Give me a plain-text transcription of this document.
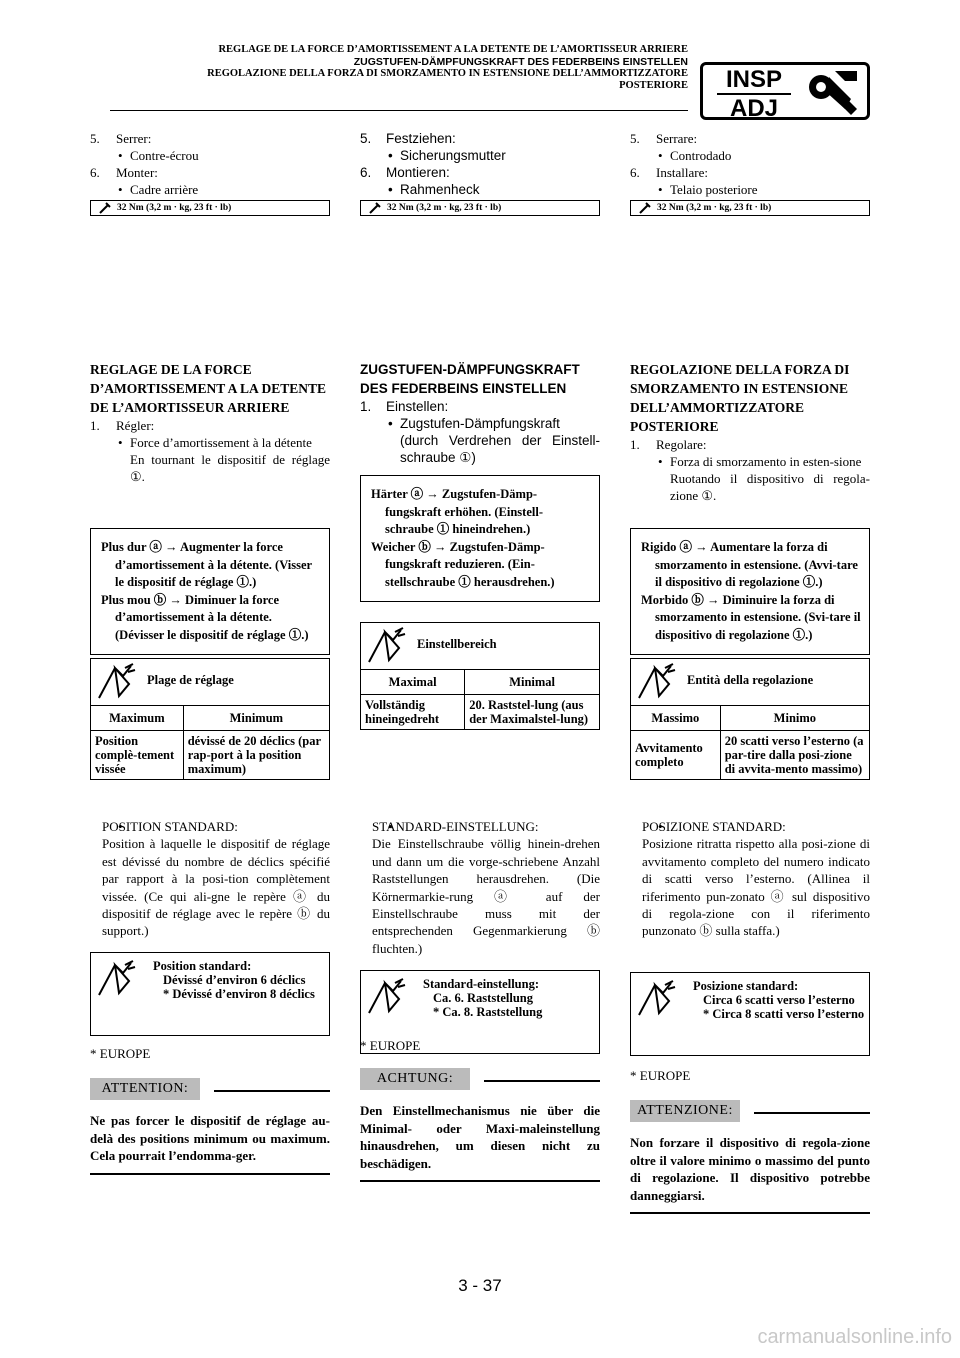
REGLAGE DE LA FORCE D’AMORTISSEMENT A LA DETENTE DE L’AMORTISSEUR ARRIERE
ZUGSTUFEN-DÄMPFUNGSKRAFT DES FEDERBEINS EINSTELLEN
REGOLAZIONE DELLA FORZA DI SMORZAMENTO IN ESTENSIONE DELL’AMMORTIZZATORE
POSTERIORE	INSP
ADJ
5. Serrer:
• Contre-écrou
6. Monter:
• Cadre arrière
32 Nm (3,2 m · kg, 23 ft · lb)
REGLAGE DE LA FORCE D’AMORTISSEMENT A LA DETENTE DE L’AMORTISSEUR ARRIERE
1. Régler:
• Force d’amortissement à la détente
En tournant le dispositif de réglage ①.
5. Festziehen:
• Sicherungsmutter
6. Montieren:
• Rahmenheck
32 Nm (3,2 m · kg, 23 ft · lb)
ZUGSTUFEN-DÄMPFUNGSKRAFT DES FEDERBEINS EINSTELLEN
1. Einstellen:
• Zugstufen-Dämpfungskraft (durch Verdrehen der Einstell-schraube ①)
5. Serrare:
• Controdado
6. Installare:
• Telaio posteriore
32 Nm (3,2 m · kg, 23 ft · lb)
REGOLAZIONE DELLA FORZA DI SMORZAMENTO IN ESTENSIONE DELL’AMMORTIZZATORE POSTERIORE
1. Regolare:
• Forza di smorzamento in esten-sione
Ruotando il dispositivo di regola-zione ①.

Plus dur ⓐ → Augmenter la force d’amortissement à la détente. (Visser le dispositif de réglage ①.)

Plus mou ⓑ → Diminuer la force d’amortissement à la détente. (Dévisser le dispositif de réglage ①.)

Plage de réglage
Maximum	Minimum
Position complè-tement vissée	dévissé de 20 déclics (par rap-port à la position maximum)
• POSITION STANDARD:
Position à laquelle le dispositif de réglage est dévissé du nombre de déclics spécifié par rapport à la posi-tion complètement vissée. (Ce qui ali-gne le repère ⓐ du dispositif de réglage avec le repère ⓑ du support.)
Position standard:
Dévissé d’environ 6 déclics
* Dévissé d’environ 8 déclics
* EUROPE
ATTENTION:
Ne pas forcer le dispositif de réglage au-delà des positions minimum ou maximum. Cela pourrait l’endomma-ger.

Härter ⓐ → Zugstufen-Dämp-fungskraft erhöhen. (Einstell-schraube ① hineindrehen.)

Weicher ⓑ → Zugstufen-Dämp-fungskraft reduzieren. (Ein-stellschraube ① herausdrehen.)

Einstellbereich
Maximal	Minimal
Vollständig hineingedreht	20. Raststel-lung (aus der Maximalstel-lung)
• STANDARD-EINSTELLUNG:
Die Einstellschraube völlig hinein-drehen und dann um die vorge-schriebene Anzahl Raststellungen herausdrehen. (Die Körnermarkie-rung ⓐ auf der Einstellschraube muss mit der entsprechenden Gegenmarkierung ⓑ fluchten.)
Standard-einstellung:
Ca. 6. Raststellung
* Ca. 8. Raststellung
* EUROPE
ACHTUNG:
Den Einstellmechanismus nie über die Minimal- oder Maxi-maleinstellung hinausdrehen, um diesen nicht zu beschädigen.

Rigido ⓐ → Aumentare la forza di smorzamento in estensione. (Avvi-tare il dispositivo di regolazione ①.)

Morbido ⓑ → Diminuire la forza di smorzamento in estensione. (Svi-tare il dispositivo di regolazione ①.)

Entità della regolazione
Massimo	Minimo
Avvitamento completo	20 scatti verso l’esterno (a par-tire dalla posi-zione di avvita-mento massimo)
• POSIZIONE STANDARD:
Posizione ritratta rispetto alla posi-zione di avvitamento completo del numero indicato di scatti verso l’esterno. (Allinea il riferimento pun-zonato ⓐ sul dispositivo di regola-zione con il riferimento punzonato ⓑ sulla staffa.)
Posizione standard:
Circa 6 scatti verso l’esterno
* Circa 8 scatti verso l’esterno
* EUROPE
ATTENZIONE:
Non forzare il dispositivo di regola-zione oltre il valore minimo o massimo del punto di regolazione. Il dispositivo potrebbe danneggiarsi.
3 - 37
carmanualsonline.info
